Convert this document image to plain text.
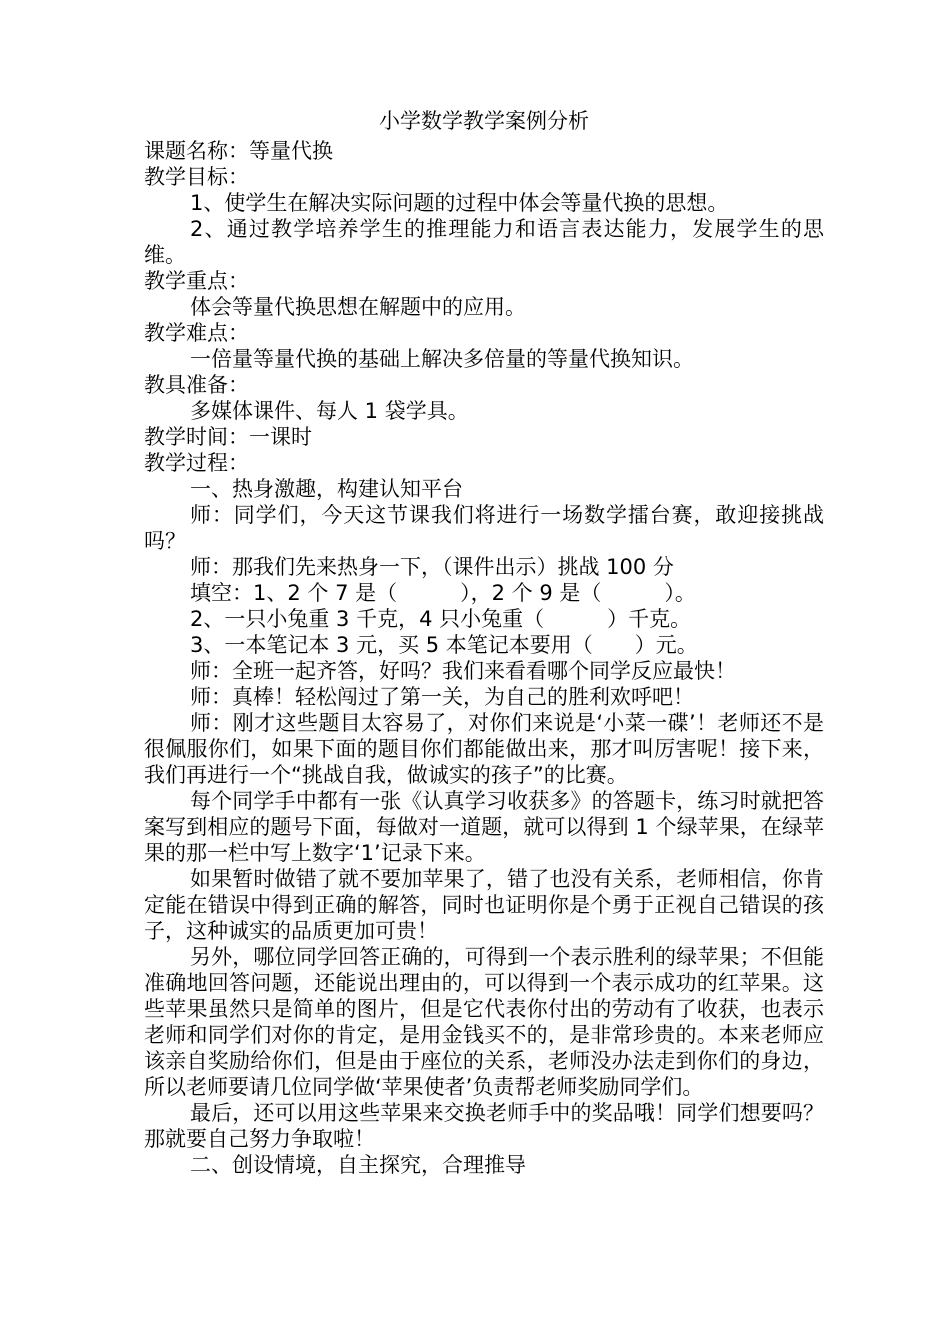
小学数学教学案例分析

课题名称：等量代换

教学目标：

1、使学生在解决实际问题的过程中体会等量代换的思想。

2、通过教学培养学生的推理能力和语言表达能力，发展学生的思维。

教学重点：

体会等量代换思想在解题中的应用。

教学难点：

一倍量等量代换的基础上解决多倍量的等量代换知识。

教具准备：

多媒体课件、每人 1 袋学具。

教学时间：一课时

教学过程：

一、热身激趣，构建认知平台

师：同学们，今天这节课我们将进行一场数学擂台赛，敢迎接挑战吗？

师：那我们先来热身一下，（课件出示）挑战 100 分

填空：1、2 个 7 是（　　　），2 个 9 是（　　　）。

2、一只小兔重 3 千克，4 只小兔重（　　　）千克。

3、一本笔记本 3 元，买 5 本笔记本要用（　　）元。

师：全班一起齐答，好吗？我们来看看哪个同学反应最快！

师：真棒！轻松闯过了第一关，为自己的胜利欢呼吧！

师：刚才这些题目太容易了，对你们来说是‘小菜一碟’！老师还不是很佩服你们，如果下面的题目你们都能做出来，那才叫厉害呢！接下来，我们再进行一个“挑战自我，做诚实的孩子”的比赛。

每个同学手中都有一张《认真学习收获多》的答题卡，练习时就把答案写到相应的题号下面，每做对一道题，就可以得到 1 个绿苹果，在绿苹果的那一栏中写上数字‘1’记录下来。

如果暂时做错了就不要加苹果了，错了也没有关系，老师相信，你肯定能在错误中得到正确的解答，同时也证明你是个勇于正视自己错误的孩子，这种诚实的品质更加可贵！

另外，哪位同学回答正确的，可得到一个表示胜利的绿苹果；不但能准确地回答问题，还能说出理由的，可以得到一个表示成功的红苹果。这些苹果虽然只是简单的图片，但是它代表你付出的劳动有了收获，也表示老师和同学们对你的肯定，是用金钱买不的，是非常珍贵的。本来老师应该亲自奖励给你们，但是由于座位的关系，老师没办法走到你们的身边，所以老师要请几位同学做‘苹果使者’负责帮老师奖励同学们。

最后，还可以用这些苹果来交换老师手中的奖品哦！同学们想要吗？那就要自己努力争取啦！

二、创设情境，自主探究，合理推导
